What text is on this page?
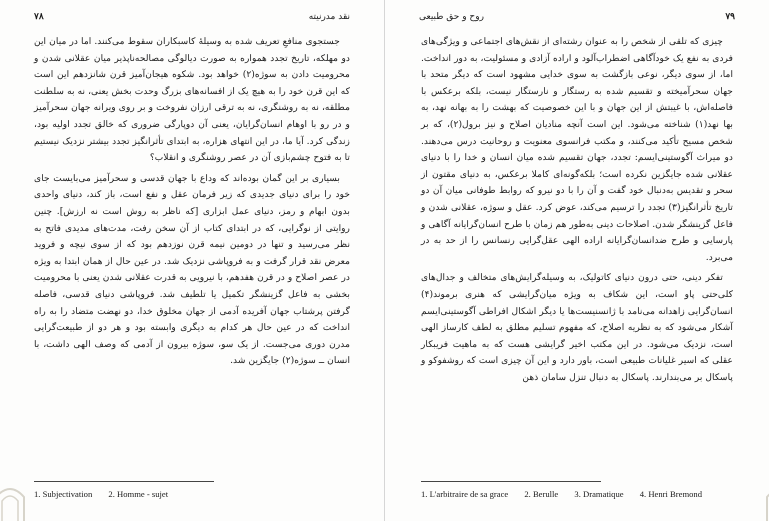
۷۸	نقد مدرنیته

جستجوی منافعِ تعریف شده به وسیلهٔ کاسبکاران سقوط می‌کنند. اما در میان این دو مهلکه، تاریخ تجدد همواره به صورت دیالوگی مصالحه‌ناپذیر میان عقلانی شدن و محرومیت دادن به سوژه(۲) خواهد بود. شکوه هیجان‌آمیز قرن شانزدهم این است که این قرن خود را به هیچ یک از افسانه‌های بزرگ وحدت بخش یعنی، نه به سلطنت مطلقه، نه به روشنگری، نه به ترقی ارزان نفروخت و بر روی ویرانه جهان سحرآمیز و در رو با اوهام انسان‌گرایان، یعنی آن دوپارگی ضروری که خالق تجدد اولیه بود، زندگی کرد. آیا ما، در این انتهای هزاره، به ابتدای تأثرانگیز تجدد بیشتر نزدیک نیستیم تا به فتوح چشم‌بازی آن در عصر روشنگری و انقلاب؟

بسیاری بر این گمان بوده‌اند که وداع با جهان قدسی و سحرآمیز می‌بایست جای خود را برای دنیای جدیدی که زیر فرمان عقل و نفع است، باز کند، دنیای واحدی بدون ابهام و رمز، دنیای عمل ابزاری [که ناظر به روش است نه ارزش]. چنین روایتی از نوگرایی، که در ابتدای کتاب از آن سخن رفت، مدت‌های مدیدی فاتح به نظر می‌رسید و تنها در دومین نیمه قرن نوزدهم بود که از سوی نیچه و فروید معرض نقد قرار گرفت و به فروپاشی نزدیک شد. در عین حال از همان ابتدا به ویژه در عصر اصلاح و در قرن هفدهم، با نیرویی به قدرت عقلانی شدن یعنی با محرومیت بخشی به فاعل گزینشگر تکمیل یا تلطیف شد. فروپاشی دنیای قدسی، فاصله گرفتن پرشتاب جهان آفریده آدمی از جهان مخلوق خدا، دو نهضت متضاد را به راه انداخت که در عین حال هر کدام به دیگری وابسته بود و هر دو از طبیعت‌گرایی مدرن دوری می‌جست. از یک سو، سوژه بیرون از آدمی که وصف الهی داشت، با انسان ــ سوژه(۲) جایگزین شد.

1. Subjectivation 2. Homme - sujet
۷۹
روح و حق طبیعی

چیزی که تلقی از شخص را به عنوان رشته‌ای از نقش‌های اجتماعی و ویژگی‌های فردی به نفع یک خودآگاهی اضطراب‌آلود و اراده آزادی و مسئولیت، به دور انداخت. اما، از سوی دیگر، نوعی بازگشت به سوی خدایی مشهود است که دیگر متحد با جهان سحرآمیخته و تقسیم شده به رستگار و نارستگار نیست، بلکه برعکس با فاصله‌اش، با غیبتش از این جهان و با این خصوصیت که بهشت را به بهانه نهد، به بها نهد(۱) شناخته می‌شود. این است آنچه منادیان اصلاح و نیز برول(۲)، که بر شخص مسیح تأکید می‌کنند، و مکتب فرانسوی معنویت و روحانیت درس می‌دهند. دو میراث آگوستینی‌ایسم: تجدد، جهان تقسیم شده میان انسان و خدا را با دنیای عقلانی شده جایگزین نکرده است؛ بلکه‌گونه‌ای کاملا برعکس، به دنیای مقتون از سحر و تقدیس به‌دنبال خود گفت و آن را با دو نیرو که روابط طوفانی میان آن دو تاریخ تأثرانگیز(۳) تجدد را ترسیم می‌کند، عوض کرد. عقل و سوژه، عقلانی شدن و فاعل گزینشگر شدن. اصلاحات دینی به‌طور هم زمان با طرح انسان‌گرایانه آگاهی و پارسایی و طرح ضدانسان‌گرایانه اراده الهی عقل‌گرایی رنسانس را از حد به در می‌برد.

تفکر دینی، حتی درون دنیای کاتولیک، به وسیله‌گرایش‌های متخالف و جدال‌های کلی‌حتی پاو است، این شکاف به ویژه میان‌گرایشی که هنری برموند(۴) انسان‌گرایی زاهدانه می‌نامد با ژانسنیست‌ها یا دیگر اشکال افراطی آگوستینی‌ایسم آشکار می‌شود که به نظریه اصلاح، که مفهوم تسلیم مطلق به لطف کارساز الهی است، نزدیک می‌شود. در این مکتب اخیر گرایشی هست که به ماهیت فریبکار عقلی که اسیر غلیانات طبیعی است، باور دارد و این آن چیزی است که روشفوکو و پاسکال بر می‌بندارند. پاسکال به دنبال تنزل سامان ذهن

1. L'arbitraire de sa grace 2. Berulle 3. Dramatique 4. Henri Bremond
